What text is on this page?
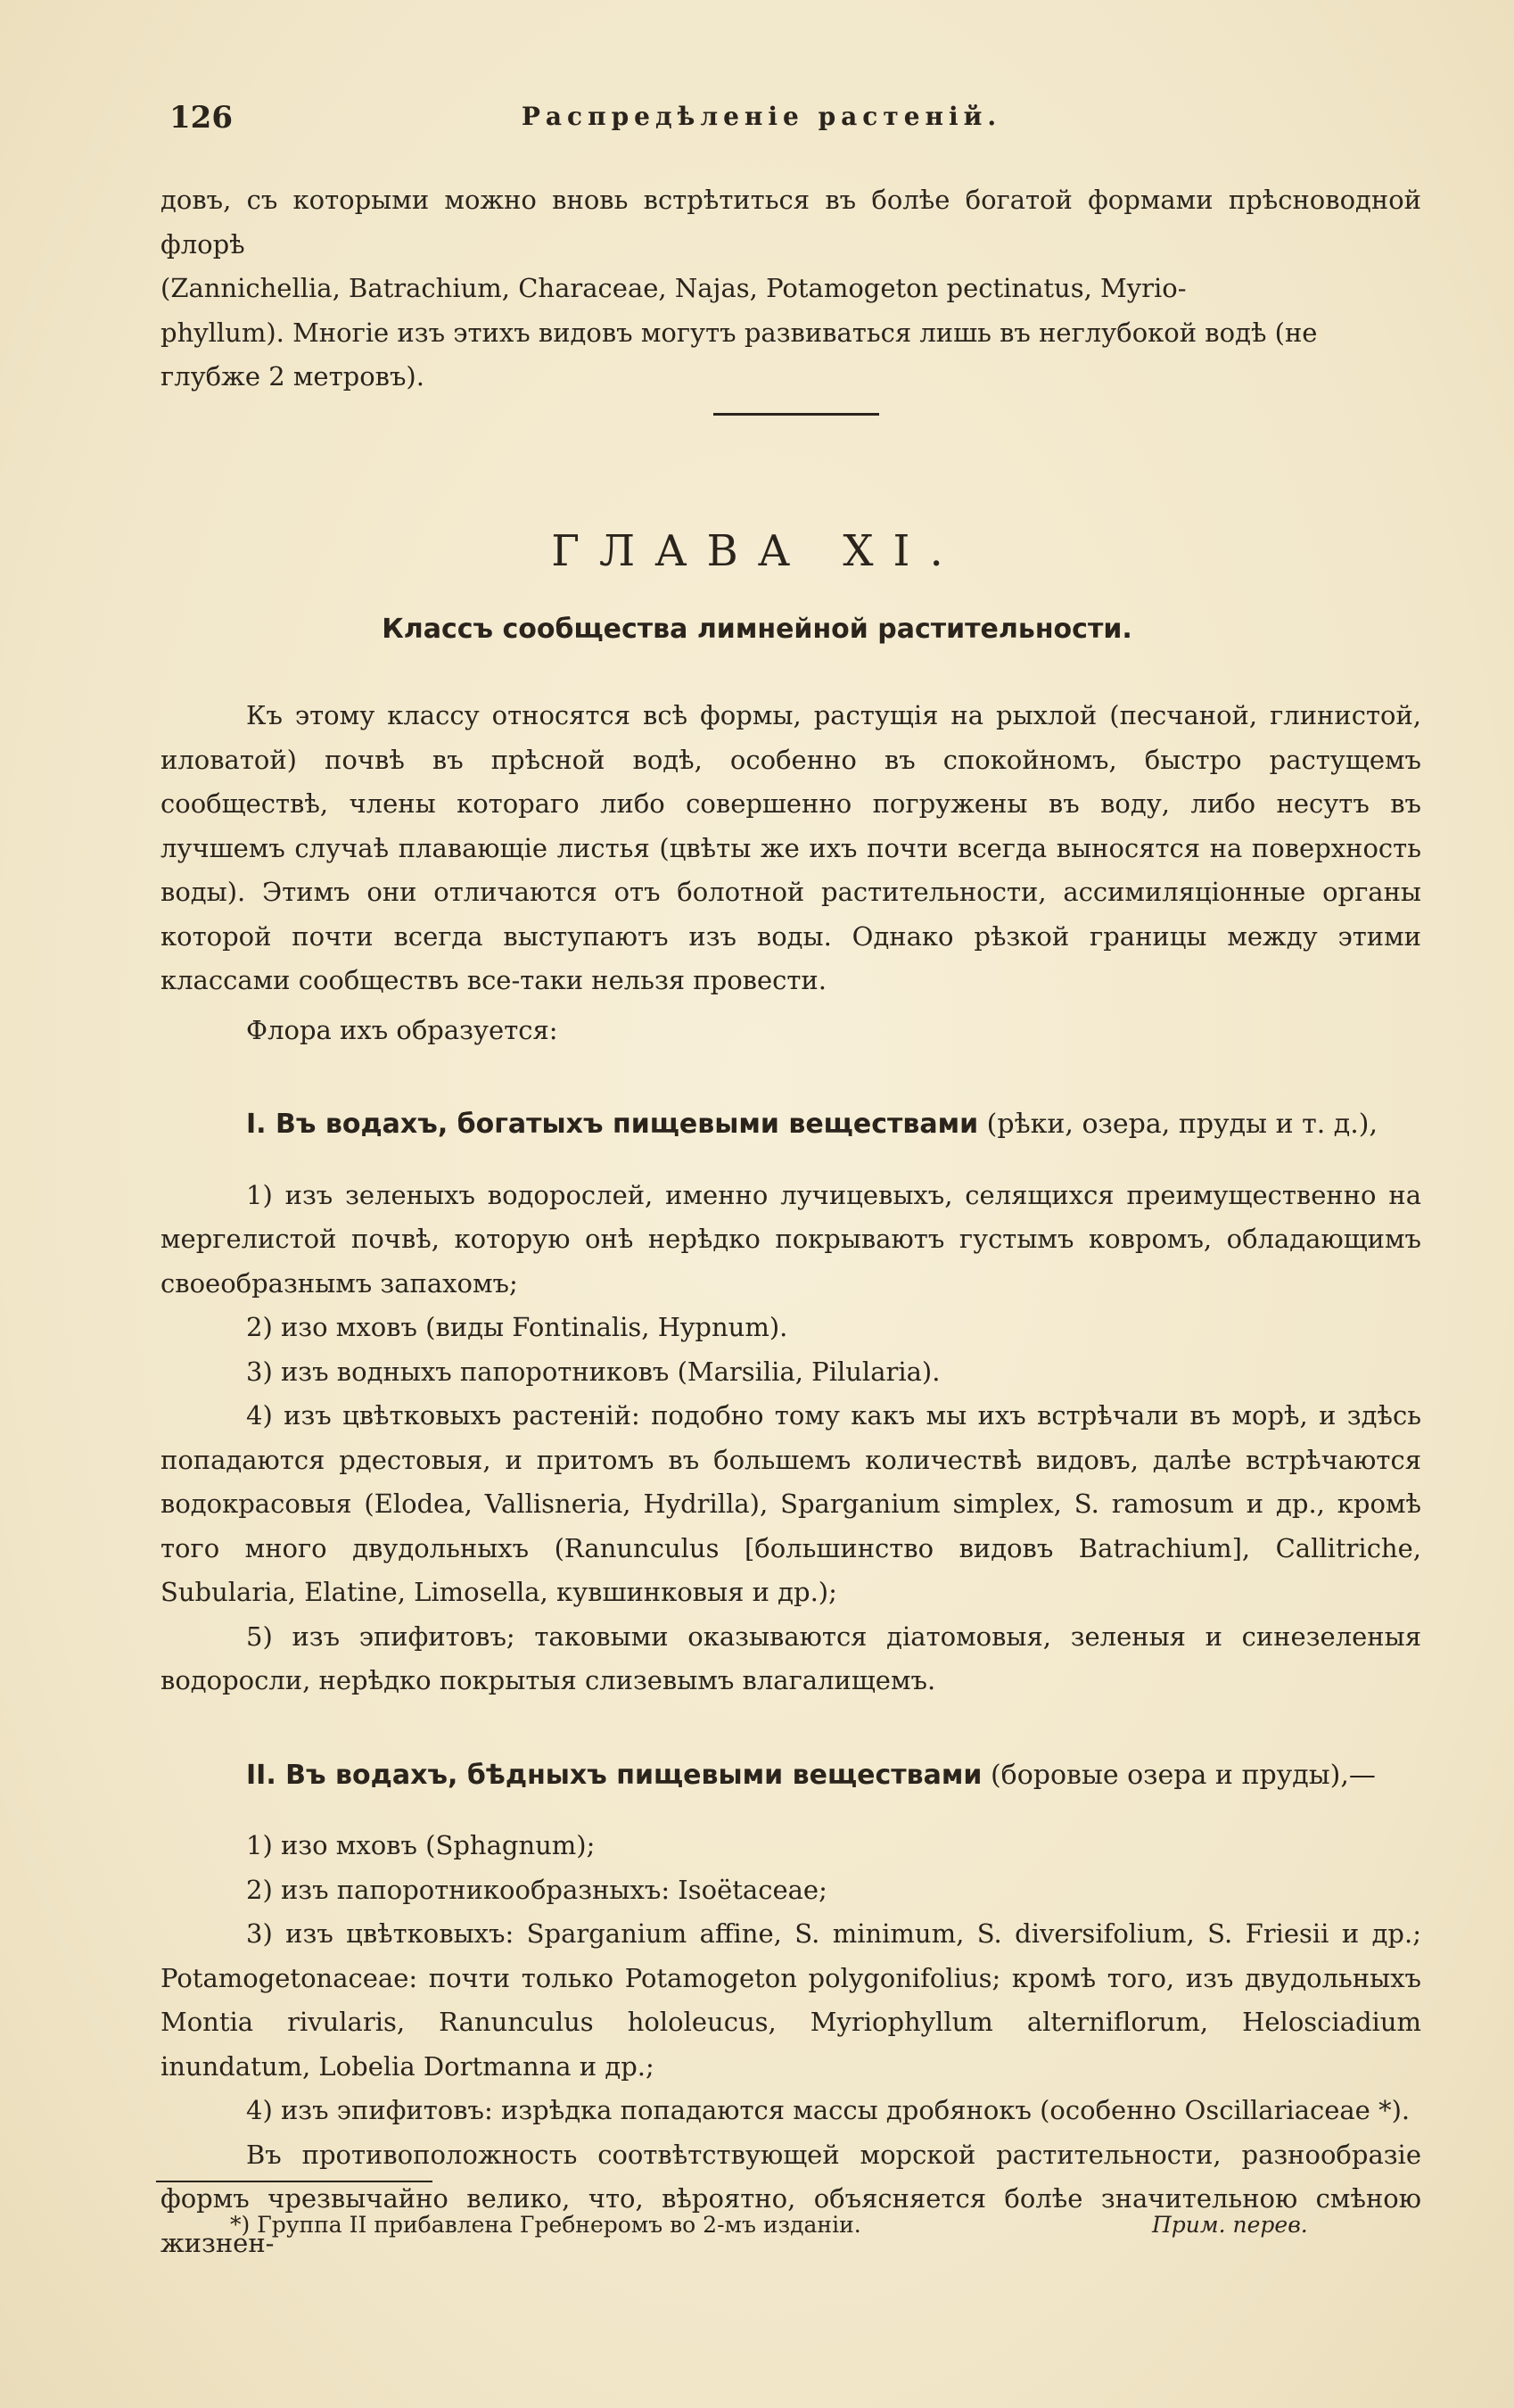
126	Распредѣленіе растеній.

довъ, съ которыми можно вновь встрѣтиться въ болѣе богатой формами прѣсноводной флорѣ

(Zannichellia, Batrachium, Characeae, Najas, Potamogeton pectinatus, Myrio-

phyllum). Многіе изъ этихъ видовъ могутъ развиваться лишь въ неглубокой водѣ (не

глубже 2 метровъ).

ГЛАВА XI.
Классъ сообщества лимнейной растительности.

Къ этому классу относятся всѣ формы, растущія на рыхлой (песчаной, глинистой, иловатой) почвѣ въ прѣсной водѣ, особенно въ спокойномъ, быстро растущемъ сообществѣ, члены котораго либо совершенно погружены въ воду, либо несутъ въ лучшемъ случаѣ плавающіе листья (цвѣты же ихъ почти всегда выносятся на поверхность воды). Этимъ они отличаются отъ болотной растительности, ассимиляціонные органы которой почти всегда выступаютъ изъ воды. Однако рѣзкой границы между этими классами сообществъ все-таки нельзя провести.

Флора ихъ образуется:

I. Въ водахъ, богатыхъ пищевыми веществами (рѣки, озера, пруды и т. д.),

1) изъ зеленыхъ водорослей, именно лучицевыхъ, селящихся преимущественно на мергелистой почвѣ, которую онѣ нерѣдко покрываютъ густымъ ковромъ, обладающимъ своеобразнымъ запахомъ;

2) изо мховъ (виды Fontinalis, Hypnum).

3) изъ водныхъ папоротниковъ (Marsilia, Pilularia).

4) изъ цвѣтковыхъ растеній: подобно тому какъ мы ихъ встрѣчали въ морѣ, и здѣсь попадаются рдестовыя, и притомъ въ большемъ количествѣ видовъ, далѣе встрѣчаются водокрасовыя (Elodea, Vallisneria, Hydrilla), Sparganium simplex, S. ramosum и др., кромѣ того много двудольныхъ (Ranunculus [большинство видовъ Batrachium], Callitriche, Subularia, Elatine, Limosella, кувшинковыя и др.);

5) изъ эпифитовъ; таковыми оказываются діатомовыя, зеленыя и синезеленыя водоросли, нерѣдко покрытыя слизевымъ влагалищемъ.

II. Въ водахъ, бѣдныхъ пищевыми веществами (боровые озера и пруды),—

1) изо мховъ (Sphagnum);

2) изъ папоротникообразныхъ: Isoëtaceae;

3) изъ цвѣтковыхъ: Sparganium affine, S. minimum, S. diversifolium, S. Friesii и др.; Potamogetonaceae: почти только Potamogeton polygonifolius; кромѣ того, изъ двудольныхъ Montia rivularis, Ranunculus hololeucus, Myriophyllum alterniflorum, Helosciadium inundatum, Lobelia Dortmanna и др.;

4) изъ эпифитовъ: изрѣдка попадаются массы дробянокъ (особенно Oscillariaceae *).

Въ противоположность соотвѣтствующей морской растительности, разнообразіе формъ чрезвычайно велико, что, вѣроятно, объясняется болѣе значительною смѣною жизнен-

*) Группа II прибавлена Гребнеромъ во 2-мъ изданіи.	Прим. перев.
